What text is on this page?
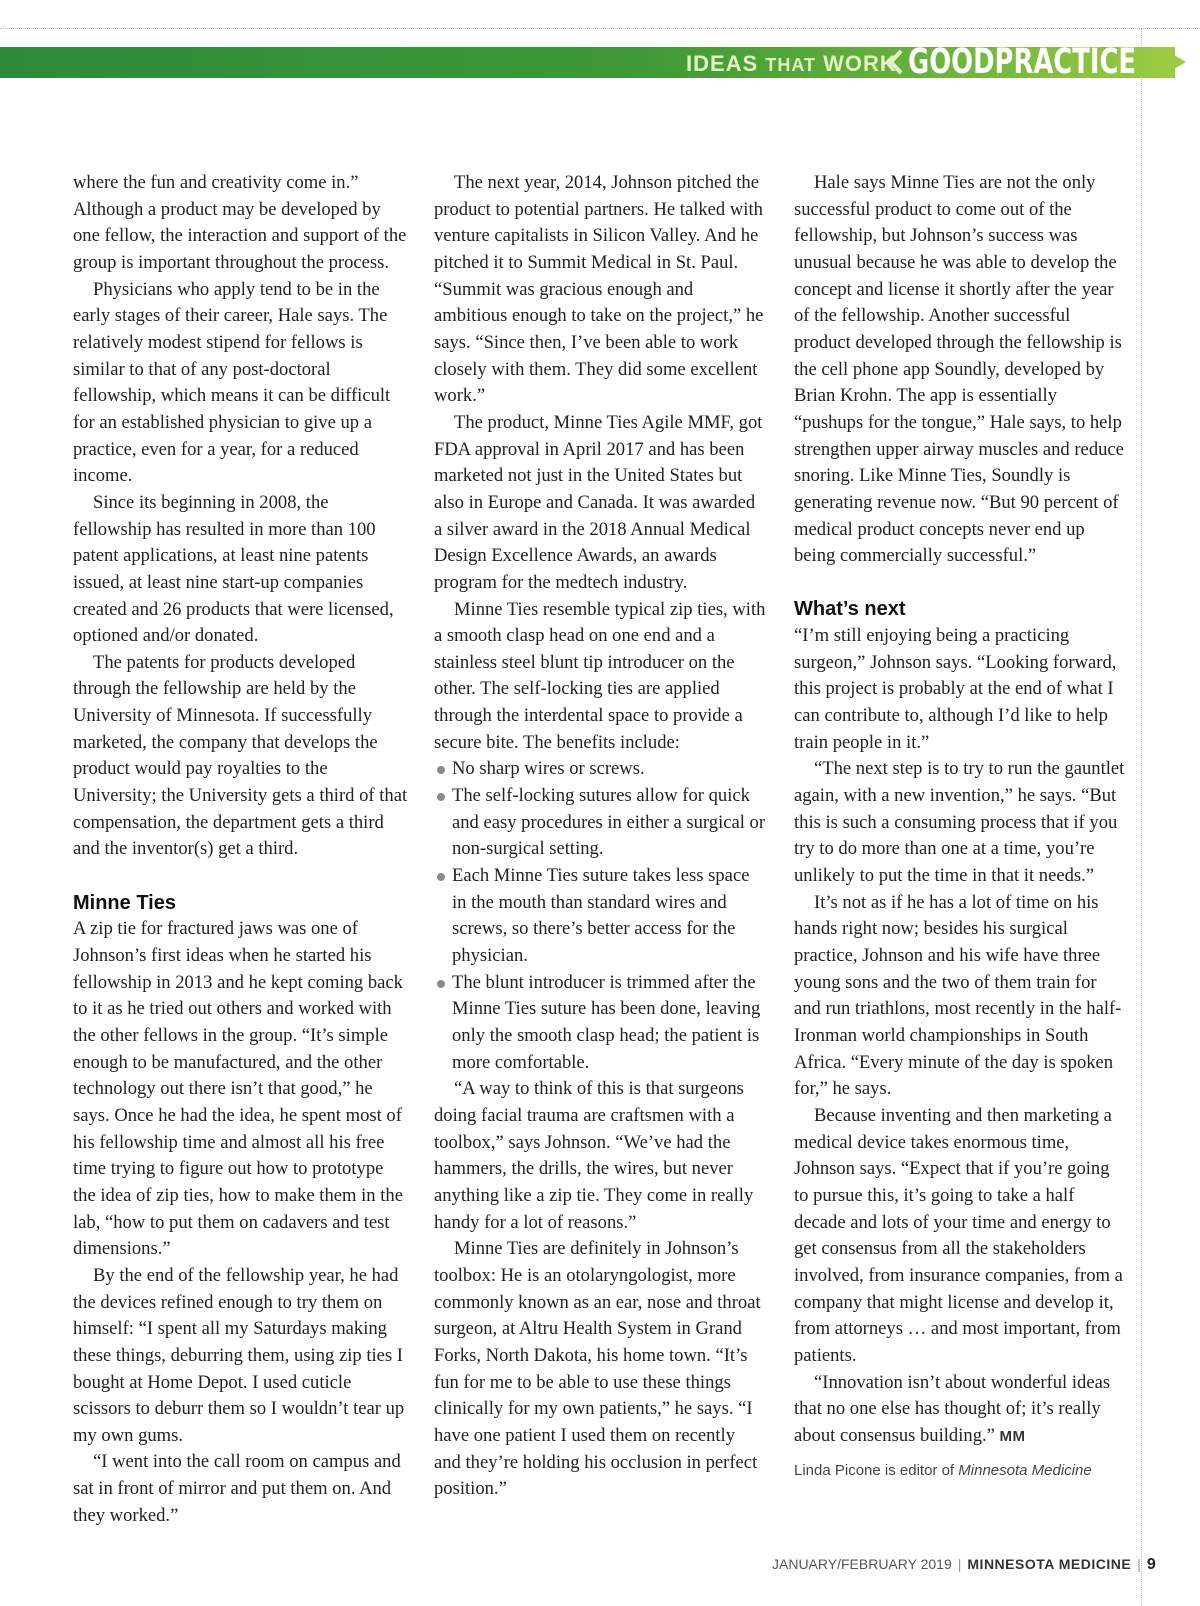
IDEAS THAT WORK GOODPRACTICE

where the fun and creativity come in.” Although a product may be developed by one fellow, the interaction and support of the group is important throughout the process.

Physicians who apply tend to be in the early stages of their career, Hale says. The relatively modest stipend for fellows is similar to that of any post-doctoral fellowship, which means it can be difficult for an established physician to give up a practice, even for a year, for a reduced income.

Since its beginning in 2008, the fellowship has resulted in more than 100 patent applications, at least nine patents issued, at least nine start-up companies created and 26 products that were licensed, optioned and/or donated.

The patents for products developed through the fellowship are held by the University of Minnesota. If successfully marketed, the company that develops the product would pay royalties to the University; the University gets a third of that compensation, the department gets a third and the inventor(s) get a third.

Minne Ties

A zip tie for fractured jaws was one of Johnson’s first ideas when he started his fellowship in 2013 and he kept coming back to it as he tried out others and worked with the other fellows in the group. “It’s simple enough to be manufactured, and the other technology out there isn’t that good,” he says. Once he had the idea, he spent most of his fellowship time and almost all his free time trying to figure out how to prototype the idea of zip ties, how to make them in the lab, “how to put them on cadavers and test dimensions.”

By the end of the fellowship year, he had the devices refined enough to try them on himself: “I spent all my Saturdays making these things, deburring them, using zip ties I bought at Home Depot. I used cuticle scissors to deburr them so I wouldn’t tear up my own gums.

“I went into the call room on campus and sat in front of mirror and put them on. And they worked.”

The next year, 2014, Johnson pitched the product to potential partners. He talked with venture capitalists in Silicon Valley. And he pitched it to Summit Medical in St. Paul. “Summit was gracious enough and ambitious enough to take on the project,” he says. “Since then, I’ve been able to work closely with them. They did some excellent work.”

The product, Minne Ties Agile MMF, got FDA approval in April 2017 and has been marketed not just in the United States but also in Europe and Canada. It was awarded a silver award in the 2018 Annual Medical Design Excellence Awards, an awards program for the medtech industry.

Minne Ties resemble typical zip ties, with a smooth clasp head on one end and a stainless steel blunt tip introducer on the other. The self-locking ties are applied through the interdental space to provide a secure bite. The benefits include:

No sharp wires or screws.
The self-locking sutures allow for quick and easy procedures in either a surgical or non-surgical setting.
Each Minne Ties suture takes less space in the mouth than standard wires and screws, so there’s better access for the physician.
The blunt introducer is trimmed after the Minne Ties suture has been done, leaving only the smooth clasp head; the patient is more comfortable.

“A way to think of this is that surgeons doing facial trauma are craftsmen with a toolbox,” says Johnson. “We’ve had the hammers, the drills, the wires, but never anything like a zip tie. They come in really handy for a lot of reasons.”

Minne Ties are definitely in Johnson’s toolbox: He is an otolaryngologist, more commonly known as an ear, nose and throat surgeon, at Altru Health System in Grand Forks, North Dakota, his home town. “It’s fun for me to be able to use these things clinically for my own patients,” he says. “I have one patient I used them on recently and they’re holding his occlusion in perfect position.”

Hale says Minne Ties are not the only successful product to come out of the fellowship, but Johnson’s success was unusual because he was able to develop the concept and license it shortly after the year of the fellowship. Another successful product developed through the fellowship is the cell phone app Soundly, developed by Brian Krohn. The app is essentially “pushups for the tongue,” Hale says, to help strengthen upper airway muscles and reduce snoring. Like Minne Ties, Soundly is generating revenue now. “But 90 percent of medical product concepts never end up being commercially successful.”

What’s next

“I’m still enjoying being a practicing surgeon,” Johnson says. “Looking forward, this project is probably at the end of what I can contribute to, although I’d like to help train people in it.”

“The next step is to try to run the gauntlet again, with a new invention,” he says. “But this is such a consuming process that if you try to do more than one at a time, you’re unlikely to put the time in that it needs.”

It’s not as if he has a lot of time on his hands right now; besides his surgical practice, Johnson and his wife have three young sons and the two of them train for and run triathlons, most recently in the half-Ironman world championships in South Africa. “Every minute of the day is spoken for,” he says.

Because inventing and then marketing a medical device takes enormous time, Johnson says. “Expect that if you’re going to pursue this, it’s going to take a half decade and lots of your time and energy to get consensus from all the stakeholders involved, from insurance companies, from a company that might license and develop it, from attorneys … and most important, from patients.

“Innovation isn’t about wonderful ideas that no one else has thought of; it’s really about consensus building.” MM

Linda Picone is editor of Minnesota Medicine
JANUARY/FEBRUARY 2019 | MINNESOTA MEDICINE | 9
